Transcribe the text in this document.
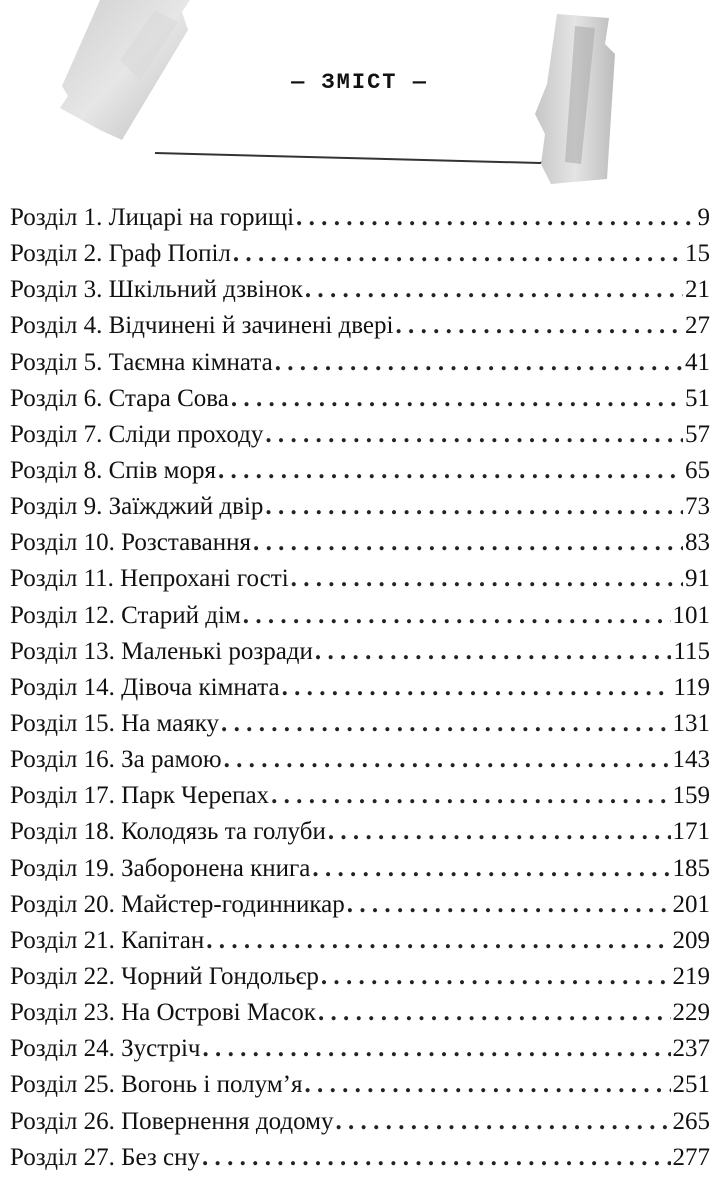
— ЗМІСТ —
Розділ 1. Лицарі на горищі .....	9
Розділ 2. Граф Попіл .....	15
Розділ 3. Шкільний дзвінок .....	21
Розділ 4. Відчинені й зачинені двері .....	27
Розділ 5. Таємна кімната .....	41
Розділ 6. Стара Сова .....	51
Розділ 7. Сліди проходу .....	57
Розділ 8. Спів моря .....	65
Розділ 9. Заїжджий двір .....	73
Розділ 10. Розставання .....	83
Розділ 11. Непрохані гості .....	91
Розділ 12. Старий дім .....	101
Розділ 13. Маленькі розради .....	115
Розділ 14. Дівоча кімната .....	119
Розділ 15. На маяку .....	131
Розділ 16. За рамою .....	143
Розділ 17. Парк Черепах .....	159
Розділ 18. Колодязь та голуби .....	171
Розділ 19. Заборонена книга .....	185
Розділ 20. Майстер-годинникар .....	201
Розділ 21. Капітан .....	209
Розділ 22. Чорний Гондольєр .....	219
Розділ 23. На Острові Масок .....	229
Розділ 24. Зустріч .....	237
Розділ 25. Вогонь і полум’я .....	251
Розділ 26. Повернення додому .....	265
Розділ 27. Без сну .....	277
